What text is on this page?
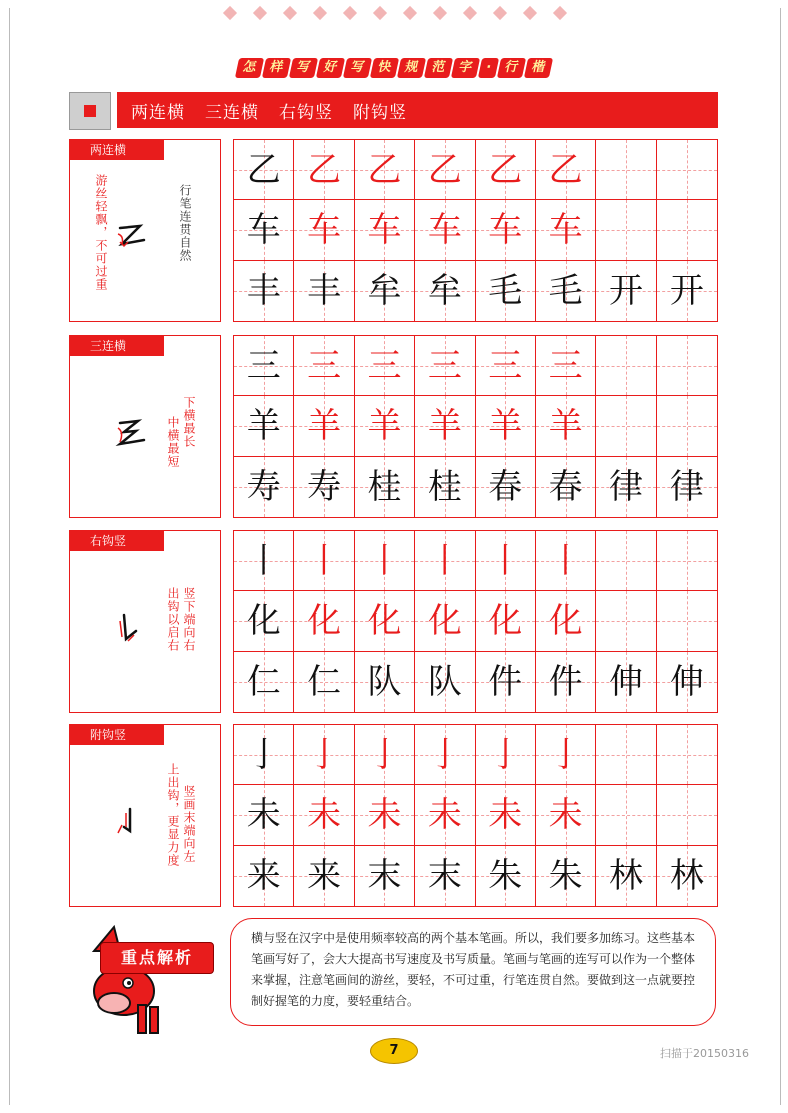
怎 样 写 好 写 快 规 范 字 · 行 楷
两连横 三连横 右钩竖 附钩竖
两连横
游丝轻飘，不可过重	行笔连贯自然
乙 乙 乙 乙 乙 乙
车 车 车 车 车 车
丰 丰 牟 牟 毛 毛 开 开
三连横
中横最短 下横最长
三 三 三 三 三 三
羊 羊 羊 羊 羊 羊
寿 寿 桂 桂 春 春 律 律
右钩竖
出钩以启右 竖下端向右
丨 丨 丨 丨 丨 丨
化 化 化 化 化 化
仁 仁 队 队 件 件 伸 伸
附钩竖
上出钩，更显力度 竖画末端向左
亅 亅 亅 亅 亅 亅
未 未 未 未 未 未
来 来 末 末 朱 朱 林 林
重点解析
横与竖在汉字中是使用频率较高的两个基本笔画。所以，我们要多加练习。这些基本笔画写好了，会大大提高书写速度及书写质量。笔画与笔画的连写可以作为一个整体来掌握，注意笔画间的游丝，要轻，不可过重，行笔连贯自然。要做到这一点就要控制好握笔的力度，要轻重结合。
7	扫描于20150316
